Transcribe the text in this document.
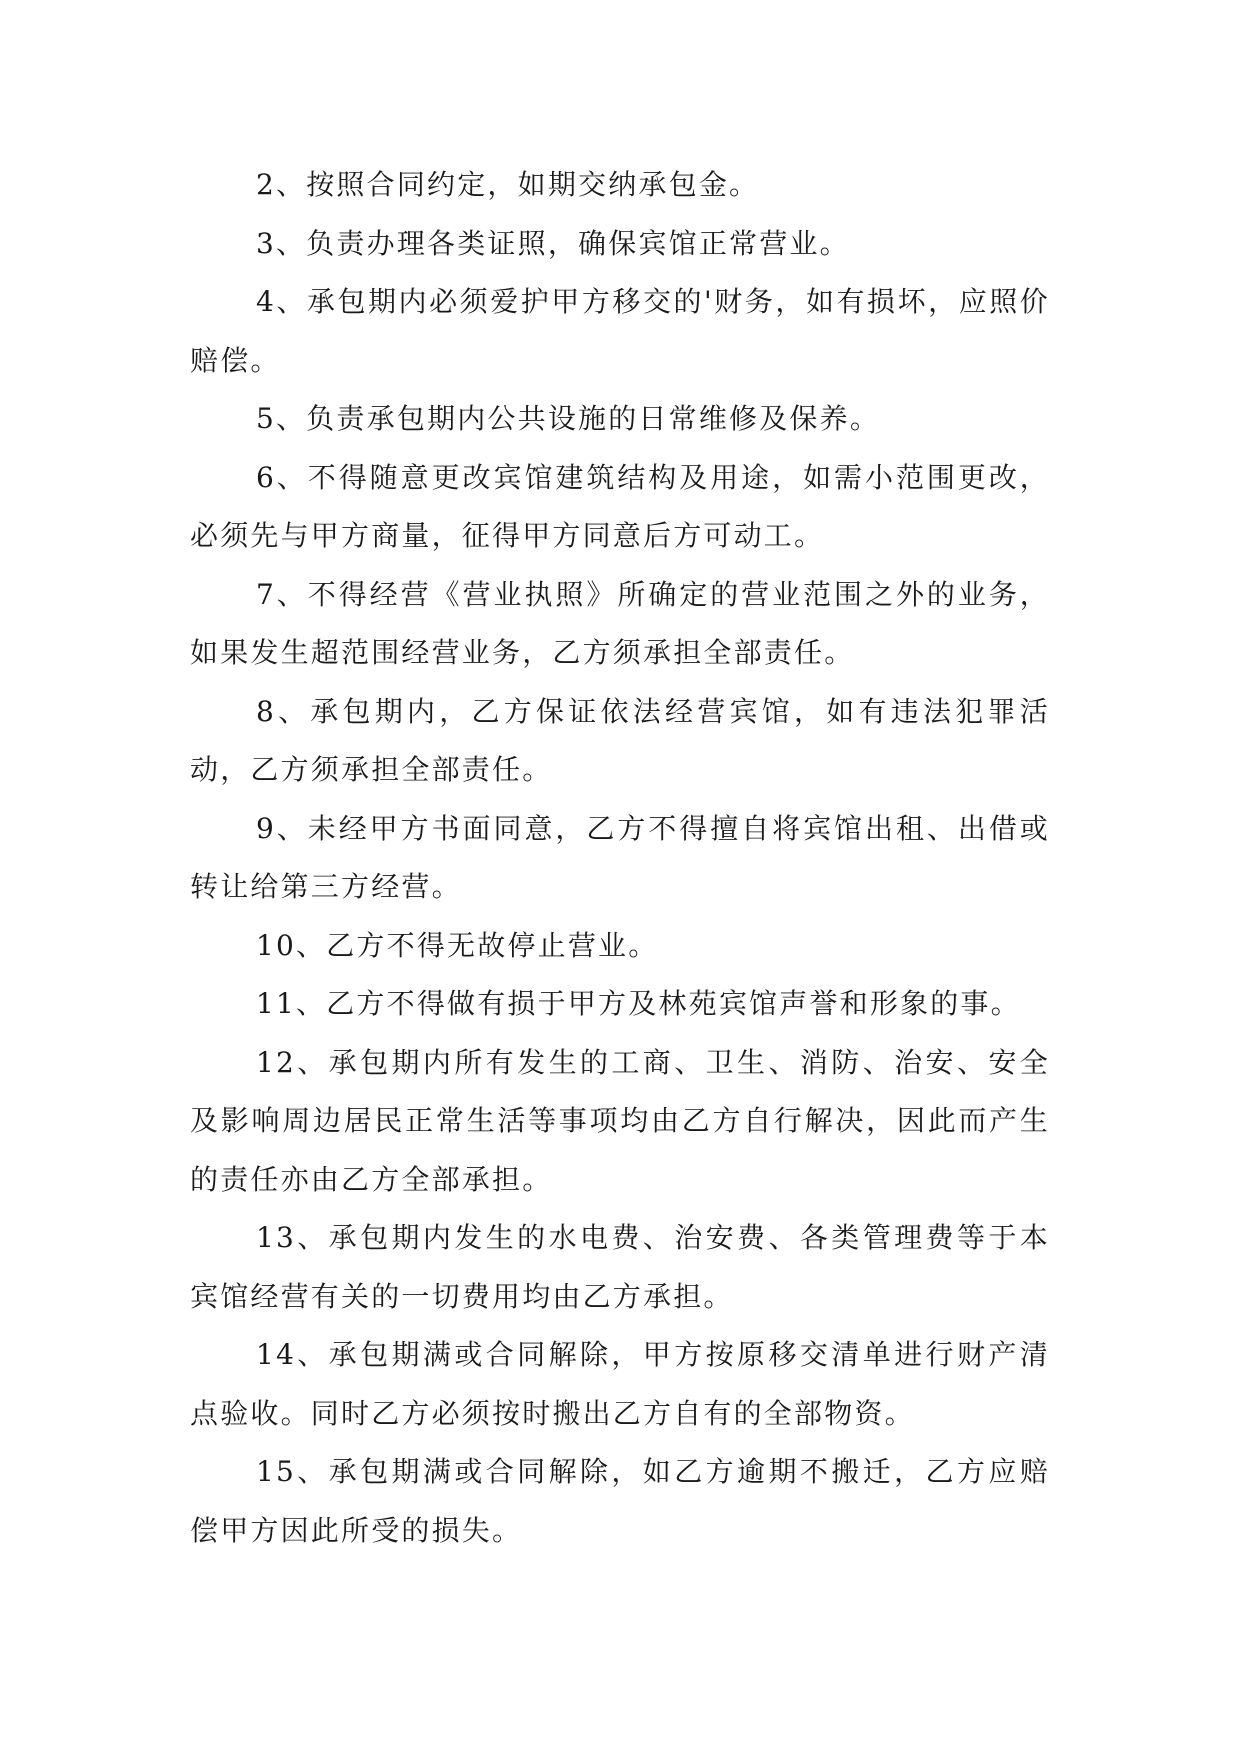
2、按照合同约定，如期交纳承包金。

3、负责办理各类证照，确保宾馆正常营业。

4、承包期内必须爱护甲方移交的'财务，如有损坏，应照价赔偿。

5、负责承包期内公共设施的日常维修及保养。

6、不得随意更改宾馆建筑结构及用途，如需小范围更改，必须先与甲方商量，征得甲方同意后方可动工。

7、不得经营《营业执照》所确定的营业范围之外的业务，如果发生超范围经营业务，乙方须承担全部责任。

8、承包期内，乙方保证依法经营宾馆，如有违法犯罪活动，乙方须承担全部责任。

9、未经甲方书面同意，乙方不得擅自将宾馆出租、出借或转让给第三方经营。

10、乙方不得无故停止营业。

11、乙方不得做有损于甲方及林苑宾馆声誉和形象的事。

12、承包期内所有发生的工商、卫生、消防、治安、安全及影响周边居民正常生活等事项均由乙方自行解决，因此而产生的责任亦由乙方全部承担。

13、承包期内发生的水电费、治安费、各类管理费等于本宾馆经营有关的一切费用均由乙方承担。

14、承包期满或合同解除，甲方按原移交清单进行财产清点验收。同时乙方必须按时搬出乙方自有的全部物资。

15、承包期满或合同解除，如乙方逾期不搬迁，乙方应赔偿甲方因此所受的损失。
